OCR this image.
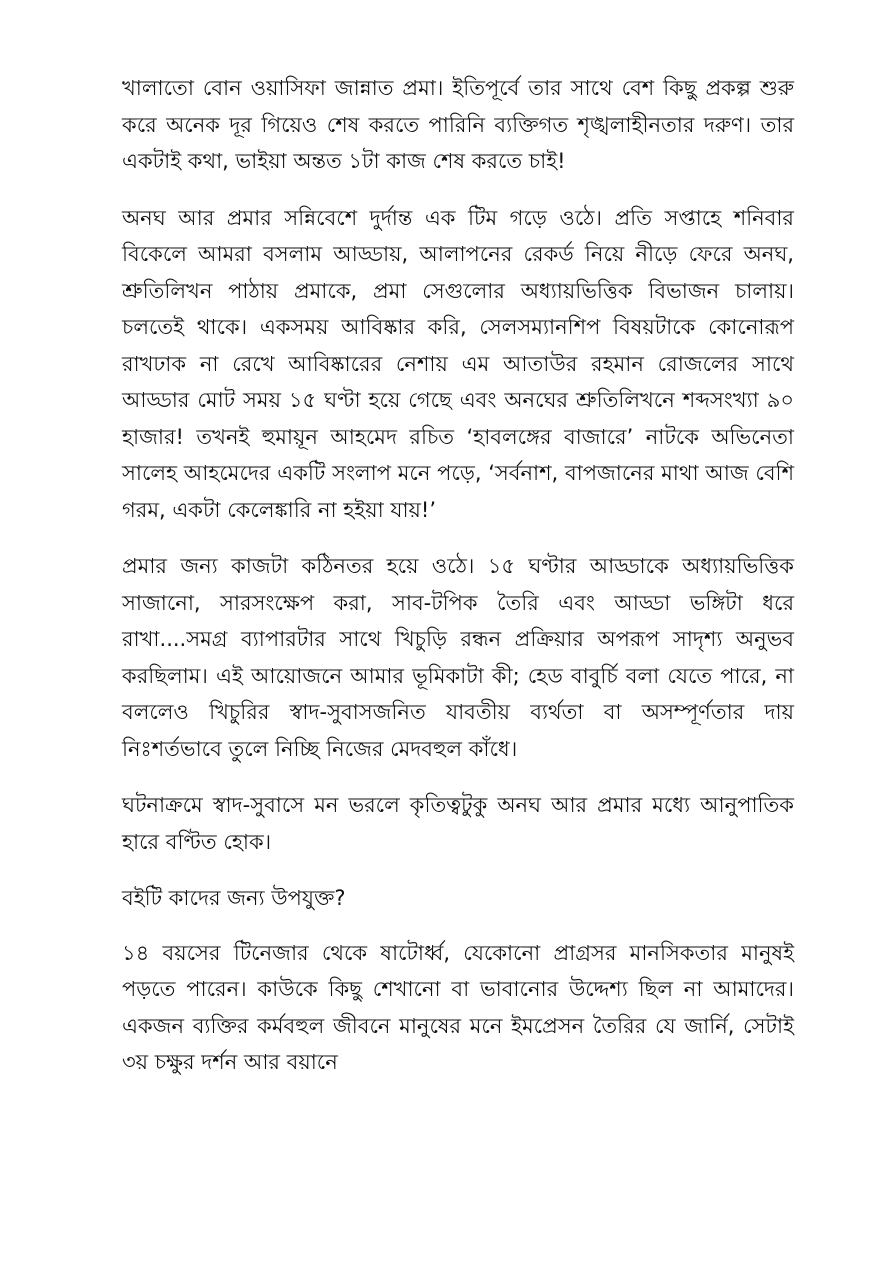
খালাতো বোন ওয়াসিফা জান্নাত প্রমা। ইতিপূর্বে তার সাথে বেশ কিছু প্রকল্প শুরু করে অনেক দূর গিয়েও শেষ করতে পারিনি ব্যক্তিগত শৃঙ্খলাহীনতার দরুণ। তার একটাই কথা, ভাইয়া অন্তত ১টা কাজ শেষ করতে চাই!

অনঘ আর প্রমার সন্নিবেশে দুর্দান্ত এক টিম গড়ে ওঠে। প্রতি সপ্তাহে শনিবার বিকেলে আমরা বসলাম আড্ডায়, আলাপনের রেকর্ড নিয়ে নীড়ে ফেরে অনঘ, শ্রুতিলিখন পাঠায় প্রমাকে, প্রমা সেগুলোর অধ্যায়ভিত্তিক বিভাজন চালায়। চলতেই থাকে। একসময় আবিষ্কার করি, সেলসম্যানশিপ বিষয়টাকে কোনোরূপ রাখঢাক না রেখে আবিষ্কারের নেশায় এম আতাউর রহমান রোজলের সাথে আড্ডার মোট সময় ১৫ ঘণ্টা হয়ে গেছে এবং অনঘের শ্রুতিলিখনে শব্দসংখ্যা ৯০ হাজার! তখনই হুমায়ূন আহমেদ রচিত ‘হাবলঙ্গের বাজারে’ নাটকে অভিনেতা সালেহ আহমেদের একটি সংলাপ মনে পড়ে, ‘সর্বনাশ, বাপজানের মাথা আজ বেশি গরম, একটা কেলেঙ্কারি না হইয়া যায়!’

প্রমার জন্য কাজটা কঠিনতর হয়ে ওঠে। ১৫ ঘণ্টার আড্ডাকে অধ্যায়ভিত্তিক সাজানো, সারসংক্ষেপ করা, সাব-টপিক তৈরি এবং আড্ডা ভঙ্গিটা ধরে রাখা....সমগ্র ব্যাপারটার সাথে খিচুড়ি রন্ধন প্রক্রিয়ার অপরূপ সাদৃশ্য অনুভব করছিলাম। এই আয়োজনে আমার ভূমিকাটা কী; হেড বাবুর্চি বলা যেতে পারে, না বললেও খিচুরির স্বাদ-সুবাসজনিত যাবতীয় ব্যর্থতা বা অসম্পূর্ণতার দায় নিঃশর্তভাবে তুলে নিচ্ছি নিজের মেদবহুল কাঁধে।

ঘটনাক্রমে স্বাদ-সুবাসে মন ভরলে কৃতিত্বটুকু অনঘ আর প্রমার মধ্যে আনুপাতিক হারে বণ্টিত হোক।

বইটি কাদের জন্য উপযুক্ত?

১৪ বয়সের টিনেজার থেকে ষাটোর্ধ্ব, যেকোনো প্রাগ্রসর মানসিকতার মানুষই পড়তে পারেন। কাউকে কিছু শেখানো বা ভাবানোর উদ্দেশ্য ছিল না আমাদের। একজন ব্যক্তির কর্মবহুল জীবনে মানুষের মনে ইমপ্রেসন তৈরির যে জার্নি, সেটাই ৩য় চক্ষুর দর্শন আর বয়ানে
